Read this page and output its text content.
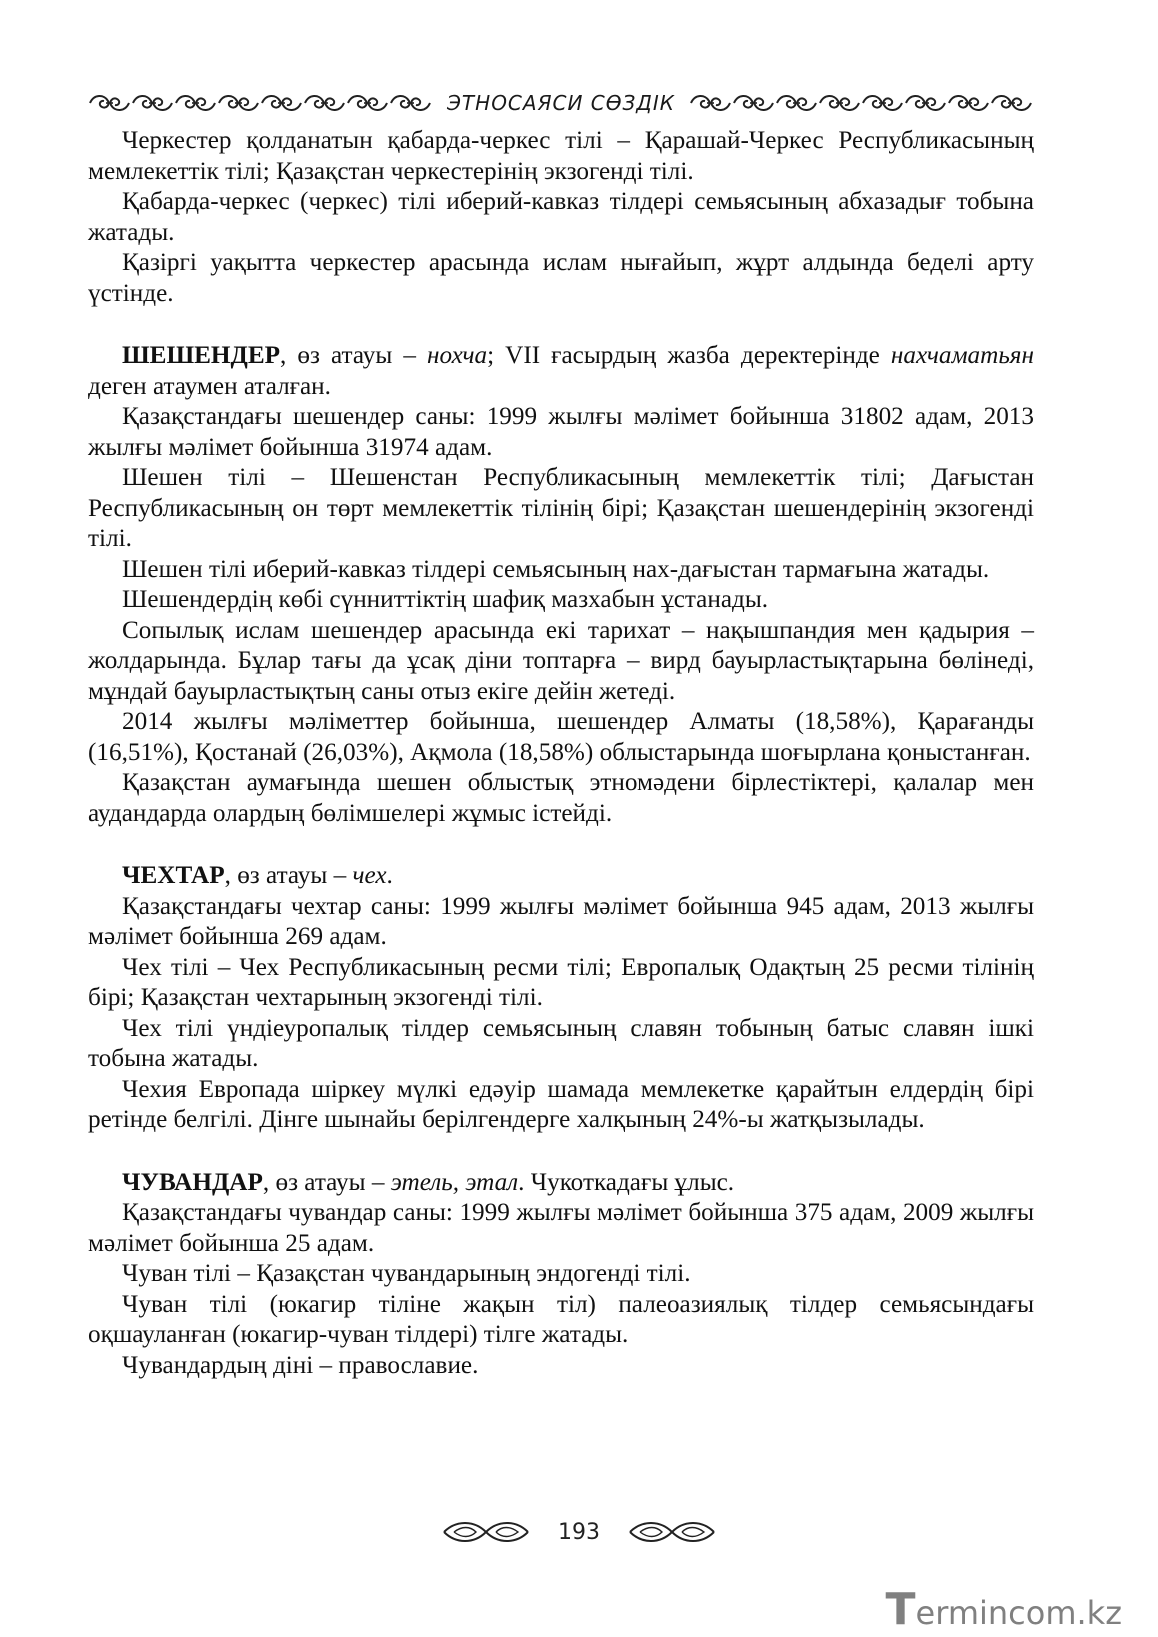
ЭТНОСАЯСИ СӨЗДІК

Черкестер қолданатын қабарда-черкес тілі – Қарашай-Черкес Республикасының мемлекеттік тілі; Қазақстан черкестерінің экзогенді тілі.

Қабарда-черкес (черкес) тілі иберий-кавказ тілдері семьясының абхазадығ тобына жатады.

Қазіргі уақытта черкестер арасында ислам нығайып, жұрт алдында беделі арту үстінде.

ШЕШЕНДЕР, өз атауы – нохча; VII ғасырдың жазба деректерінде нахчаматьян деген атаумен аталған.

Қазақстандағы шешендер саны: 1999 жылғы мәлімет бойынша 31802 адам, 2013 жылғы мәлімет бойынша 31974 адам.

Шешен тілі – Шешенстан Республикасының мемлекеттік тілі; Дағыстан Республикасының он төрт мемлекеттік тілінің бірі; Қазақстан шешендерінің экзогенді тілі.

Шешен тілі иберий-кавказ тілдері семьясының нах-дағыстан тармағына жатады.

Шешендердің көбі сүнниттіктің шафиқ мазхабын ұстанады.

Сопылық ислам шешендер арасында екі тарихат – нақышпандия мен қадырия – жолдарында. Бұлар тағы да ұсақ діни топтарға – вирд бауырластықтарына бөлінеді, мұндай бауырластықтың саны отыз екіге дейін жетеді.

2014 жылғы мәліметтер бойынша, шешендер Алматы (18,58%), Қарағанды (16,51%), Қостанай (26,03%), Ақмола (18,58%) облыстарында шоғырлана қоныстанған.

Қазақстан аумағында шешен облыстық этномәдени бірлестіктері, қалалар мен аудандарда олардың бөлімшелері жұмыс істейді.

ЧЕХТАР, өз атауы – чех.

Қазақстандағы чехтар саны: 1999 жылғы мәлімет бойынша 945 адам, 2013 жылғы мәлімет бойынша 269 адам.

Чех тілі – Чех Республикасының ресми тілі; Европалық Одақтың 25 ресми тілінің бірі; Қазақстан чехтарының экзогенді тілі.

Чех тілі үндіеуропалық тілдер семьясының славян тобының батыс славян ішкі тобына жатады.

Чехия Европада шіркеу мүлкі едәуір шамада мемлекетке қарайтын елдердің бірі ретінде белгілі. Дінге шынайы берілгендерге халқының 24%-ы жатқызылады.

ЧУВАНДАР, өз атауы – этель, этал. Чукоткадағы ұлыс.

Қазақстандағы чувандар саны: 1999 жылғы мәлімет бойынша 375 адам, 2009 жылғы мәлімет бойынша 25 адам.

Чуван тілі – Қазақстан чувандарының эндогенді тілі.

Чуван тілі (юкагир тіліне жақын тіл) палеоазиялық тілдер семьясындағы оқшауланған (юкагир-чуван тілдері) тілге жатады.

Чувандардың діні – православие.

193
T ermincom.kz
